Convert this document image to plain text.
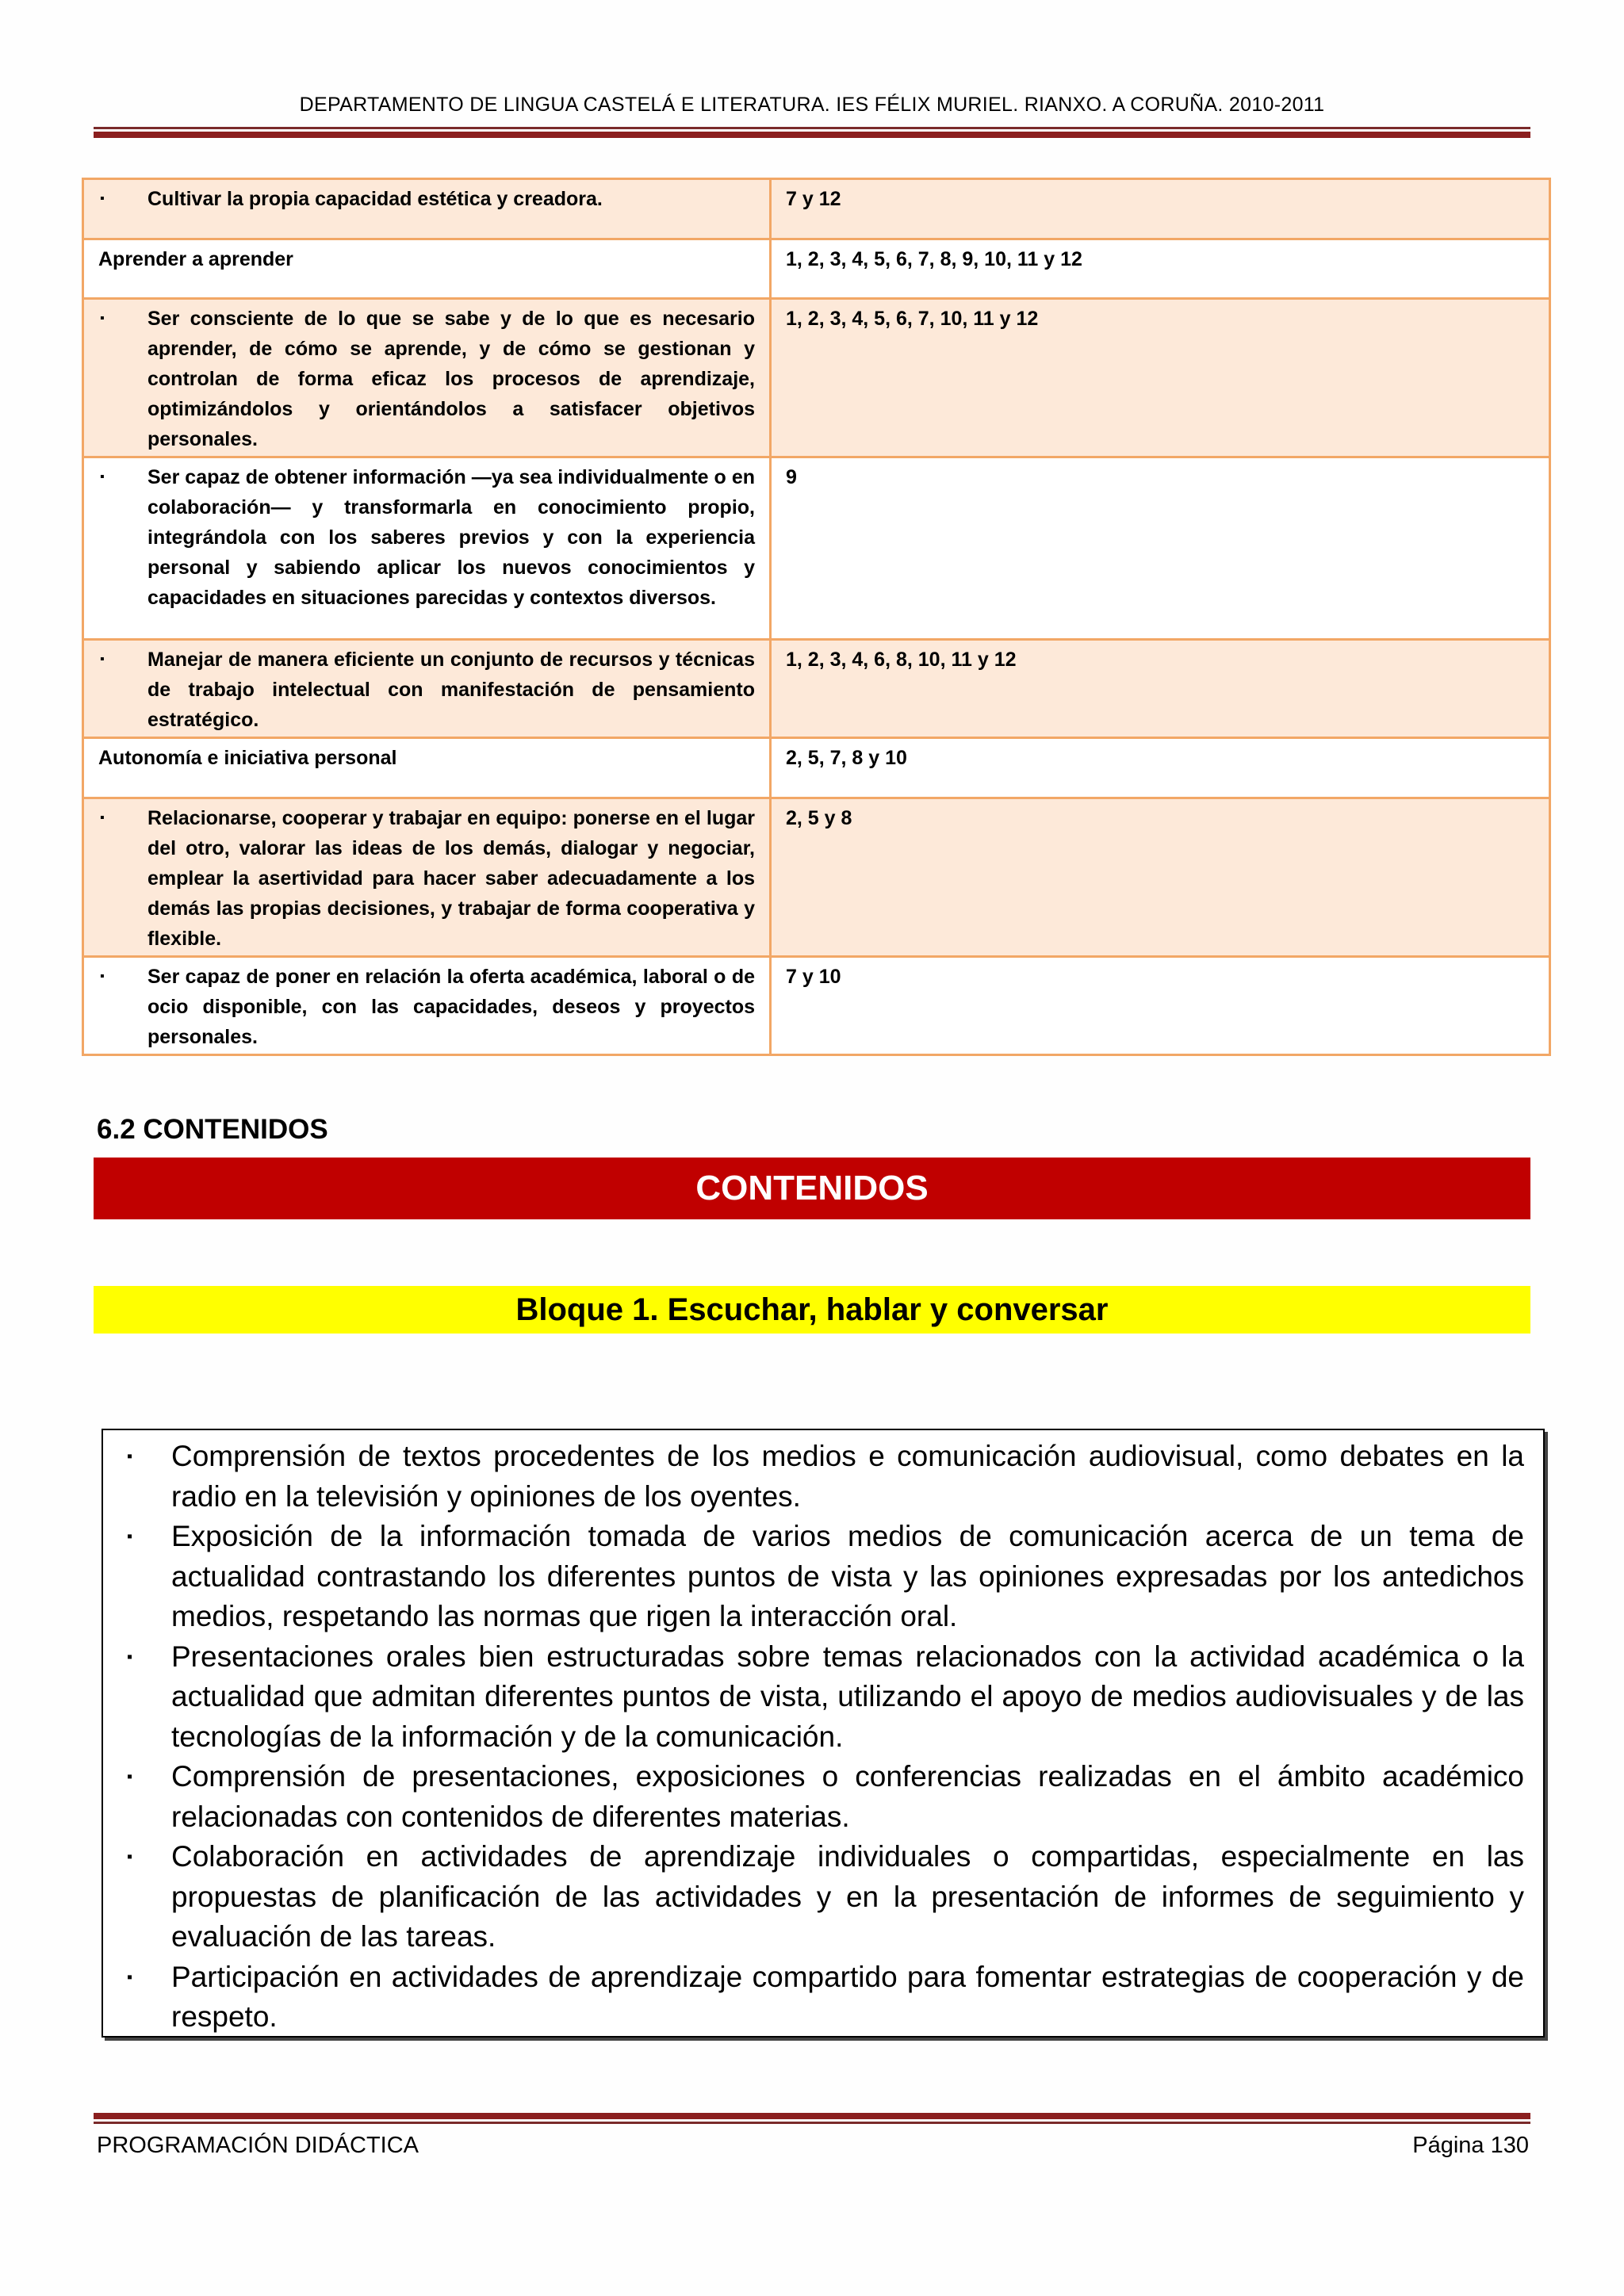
DEPARTAMENTO DE LINGUA CASTELÁ E LITERATURA. IES FÉLIX MURIEL. RIANXO. A CORUÑA. 2010-2011
▪ Cultivar la propia capacidad estética y creadora.	7 y 12
Aprender a aprender	1, 2, 3, 4, 5, 6, 7, 8, 9, 10, 11 y 12

▪ Ser consciente de lo que se sabe y de lo que es necesario aprender, de cómo se aprende, y de cómo se gestionan y controlan de forma eficaz los procesos de aprendizaje, optimizándolos y orientándolos a satisfacer objetivos personales.	1, 2, 3, 4, 5, 6, 7, 10, 11 y 12

▪ Ser capaz de obtener información —ya sea individualmente o en colaboración— y transformarla en conocimiento propio, integrándola con los saberes previos y con la experiencia personal y sabiendo aplicar los nuevos conocimientos y capacidades en situaciones parecidas y contextos diversos.	9

▪ Manejar de manera eficiente un conjunto de recursos y técnicas de trabajo intelectual con manifestación de pensamiento estratégico.	1, 2, 3, 4, 6, 8, 10, 11 y 12
Autonomía e iniciativa personal	2, 5, 7, 8 y 10

▪ Relacionarse, cooperar y trabajar en equipo: ponerse en el lugar del otro, valorar las ideas de los demás, dialogar y negociar, emplear la asertividad para hacer saber adecuadamente a los demás las propias decisiones, y trabajar de forma cooperativa y flexible.	2, 5 y 8

▪ Ser capaz de poner en relación la oferta académica, laboral o de ocio disponible, con las capacidades, deseos y proyectos personales.	7 y 10
6.2 CONTENIDOS
CONTENIDOS
Bloque 1. Escuchar, hablar y conversar
▪	Comprensión de textos procedentes de los medios e comunicación audiovisual, como debates en la radio en la televisión y opiniones de los oyentes.
▪	Exposición de la información tomada de varios medios de comunicación acerca de un tema de actualidad contrastando los diferentes puntos de vista y las opiniones expresadas por los antedichos medios, respetando las normas que rigen la interacción oral.
▪	Presentaciones orales bien estructuradas sobre temas relacionados con la actividad académica o la actualidad que admitan diferentes puntos de vista, utilizando el apoyo de medios audiovisuales y de las tecnologías de la información y de la comunicación.
▪	Comprensión de presentaciones, exposiciones o conferencias realizadas en el ámbito académico relacionadas con contenidos de diferentes materias.
▪	Colaboración en actividades de aprendizaje individuales o compartidas, especialmente en las propuestas de planificación de las actividades y en la presentación de informes de seguimiento y evaluación de las tareas.
▪	Participación en actividades de aprendizaje compartido para fomentar estrategias de cooperación y de respeto.
PROGRAMACIÓN DIDÁCTICA	Página 130
